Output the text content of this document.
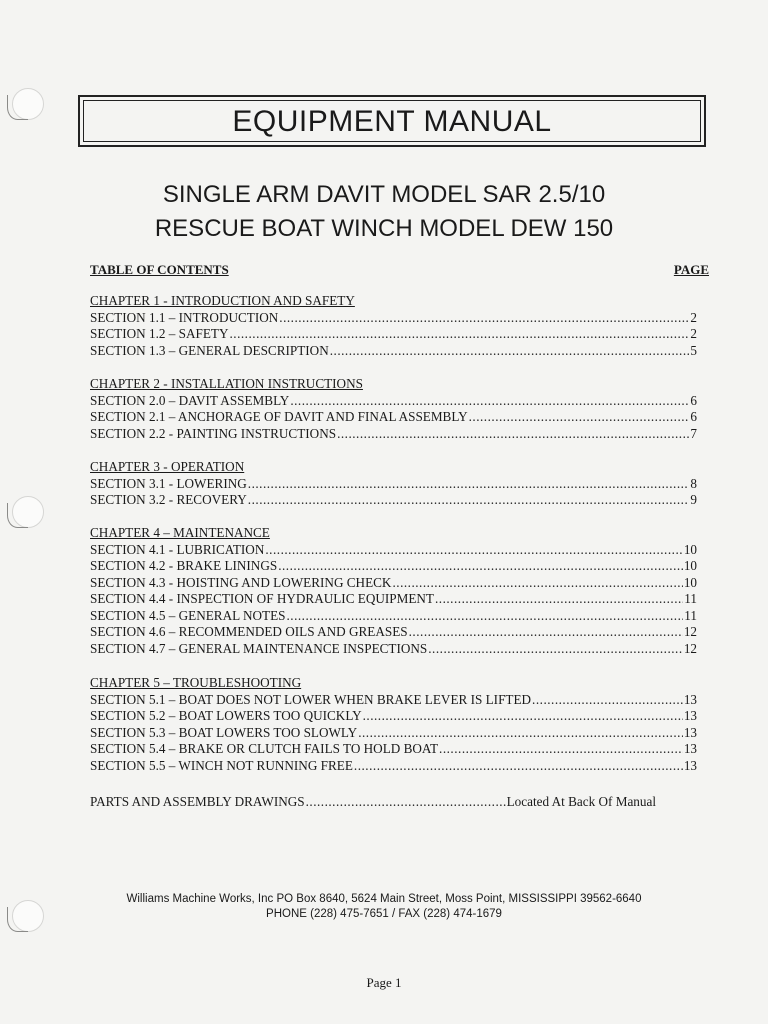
EQUIPMENT MANUAL
SINGLE ARM DAVIT MODEL SAR 2.5/10
RESCUE BOAT WINCH MODEL DEW 150
TABLE OF CONTENTS	PAGE
CHAPTER 1 - INTRODUCTION AND SAFETY
SECTION 1.1 – INTRODUCTION .....	2
SECTION 1.2 – SAFETY .....	2
SECTION 1.3 – GENERAL DESCRIPTION .....	5
CHAPTER 2 - INSTALLATION INSTRUCTIONS
SECTION 2.0 – DAVIT ASSEMBLY .....	6
SECTION 2.1 – ANCHORAGE OF DAVIT AND FINAL ASSEMBLY .....	6
SECTION 2.2 - PAINTING INSTRUCTIONS .....	7
CHAPTER 3 - OPERATION
SECTION 3.1 - LOWERING .....	8
SECTION 3.2 - RECOVERY .....	9
CHAPTER 4 – MAINTENANCE
SECTION 4.1 - LUBRICATION .....	10
SECTION 4.2 - BRAKE LININGS .....	10
SECTION 4.3 - HOISTING AND LOWERING CHECK .....	10
SECTION 4.4 - INSPECTION OF HYDRAULIC EQUIPMENT .....	11
SECTION 4.5 – GENERAL NOTES .....	11
SECTION 4.6 – RECOMMENDED OILS AND GREASES .....	12
SECTION 4.7 – GENERAL MAINTENANCE INSPECTIONS .....	12
CHAPTER 5 – TROUBLESHOOTING
SECTION 5.1 – BOAT DOES NOT LOWER WHEN BRAKE LEVER IS LIFTED .....	13
SECTION 5.2 – BOAT LOWERS TOO QUICKLY .....	13
SECTION 5.3 – BOAT LOWERS TOO SLOWLY .....	13
SECTION 5.4 – BRAKE OR CLUTCH FAILS TO HOLD BOAT .....	13
SECTION 5.5 – WINCH NOT RUNNING FREE .....	13
PARTS AND ASSEMBLY DRAWINGS .....	Located At Back Of Manual
Williams Machine Works, Inc PO Box 8640, 5624 Main Street, Moss Point, MISSISSIPPI 39562-6640
PHONE (228) 475-7651 / FAX (228) 474-1679
Page 1
